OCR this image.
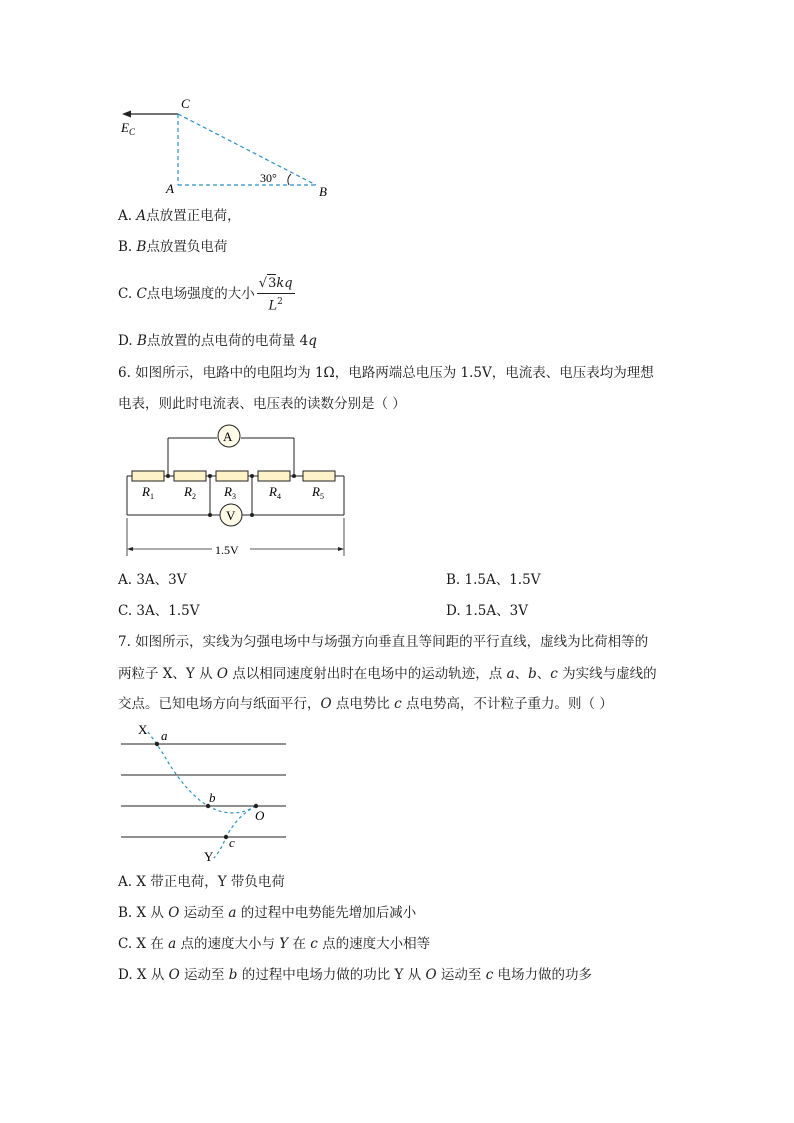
C
A	B
$E_C$
30°
A. A点放置正电荷，
B. B点放置负电荷
C. C点电场强度的大小 $\frac{√3kq}{L^2}$
D. B点放置的点电荷的电荷量 4q
6. 如图所示，电路中的电阻均为 1Ω，电路两端总电压为 1.5V，电流表、电压表均为理想
电表，则此时电流表、电压表的读数分别是（ ）
A
V
$R_1$ $R_2$ $R_3$	$R_4$ $R_5$
1.5V
A. 3A、3V	B. 1.5A、1.5V
C. 3A、1.5V	D. 1.5A、3V
7. 如图所示，实线为匀强电场中与场强方向垂直且等间距的平行直线，虚线为比荷相等的
两粒子 X、Y 从 O 点以相同速度射出时在电场中的运动轨迹，点 a、b、c 为实线与虚线的
交点。已知电场方向与纸面平行，O 点电势比 c 点电势高，不计粒子重力。则（ ）
X a
b
O
c
Y
A. X 带正电荷，Y 带负电荷
B. X 从 O 运动至 a 的过程中电势能先增加后减小
C. X 在 a 点的速度大小与 Y 在 c 点的速度大小相等
D. X 从 O 运动至 b 的过程中电场力做的功比 Y 从 O 运动至 c 电场力做的功多
